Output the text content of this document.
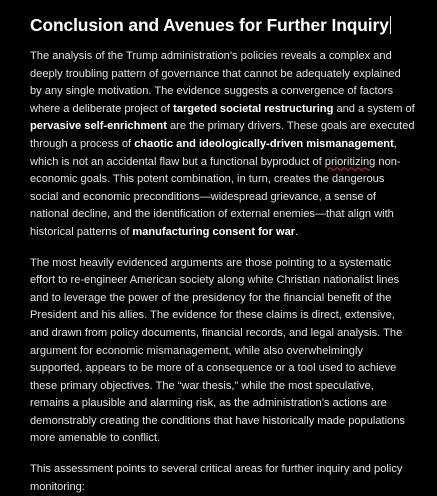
Conclusion and Avenues for Further Inquiry

The analysis of the Trump administration’s policies reveals a complex and deeply troubling pattern of governance that cannot be adequately explained by any single motivation. The evidence suggests a convergence of factors where a deliberate project of targeted societal restructuring and a system of pervasive self-enrichment are the primary drivers. These goals are executed through a process of chaotic and ideologically-driven mismanagement, which is not an accidental flaw but a functional byproduct of prioritizing non-economic goals. This potent combination, in turn, creates the dangerous social and economic preconditions—widespread grievance, a sense of national decline, and the identification of external enemies—that align with historical patterns of manufacturing consent for war.

The most heavily evidenced arguments are those pointing to a systematic effort to re-engineer American society along white Christian nationalist lines and to leverage the power of the presidency for the financial benefit of the President and his allies. The evidence for these claims is direct, extensive, and drawn from policy documents, financial records, and legal analysis. The argument for economic mismanagement, while also overwhelmingly supported, appears to be more of a consequence or a tool used to achieve these primary objectives. The “war thesis,” while the most speculative, remains a plausible and alarming risk, as the administration’s actions are demonstrably creating the conditions that have historically made populations more amenable to conflict.

This assessment points to several critical areas for further inquiry and policy monitoring:
